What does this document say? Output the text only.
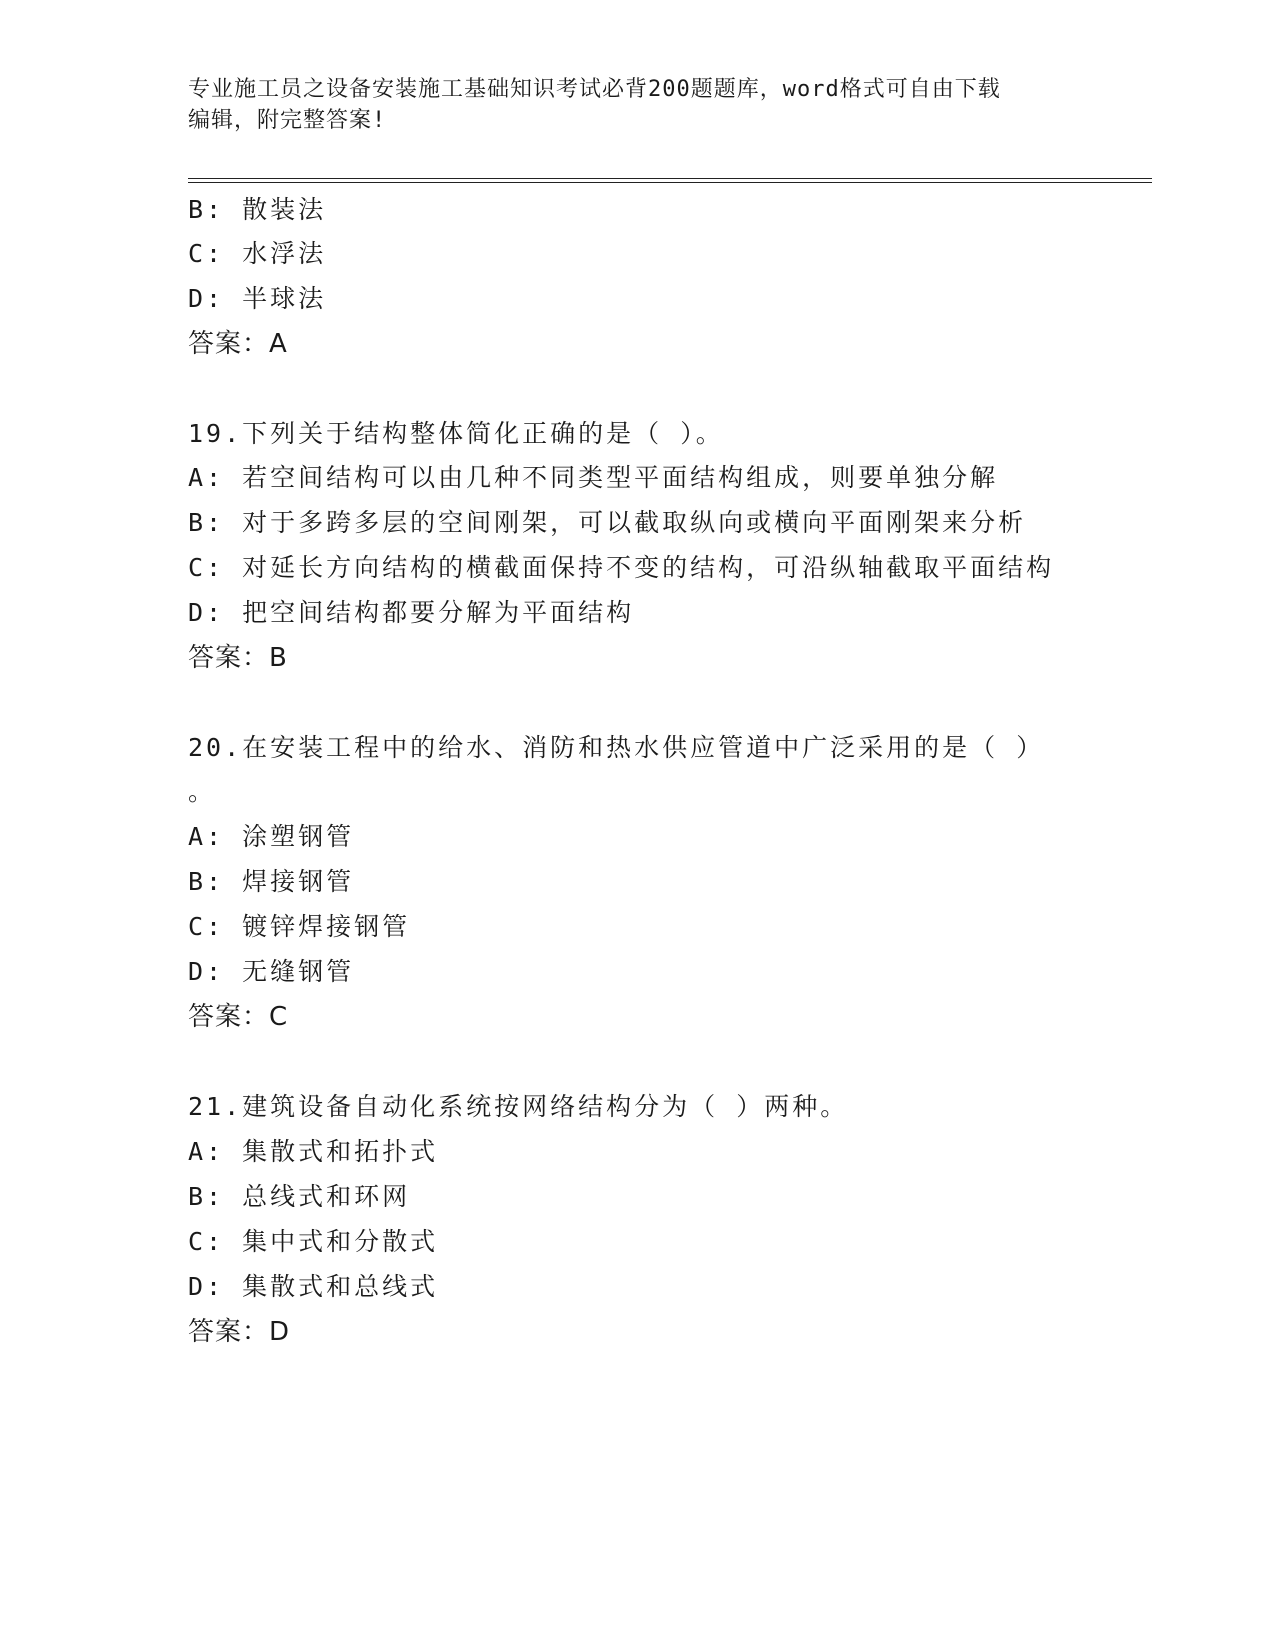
专业施工员之设备安装施工基础知识考试必背200题题库，word格式可自由下载
编辑，附完整答案!
B: 散装法
C: 水浮法
D: 半球法
答案：A
19.下列关于结构整体简化正确的是（ ）。
A: 若空间结构可以由几种不同类型平面结构组成，则要单独分解
B: 对于多跨多层的空间刚架，可以截取纵向或横向平面刚架来分析
C: 对延长方向结构的横截面保持不变的结构，可沿纵轴截取平面结构
D: 把空间结构都要分解为平面结构
答案：B
20.在安装工程中的给水、消防和热水供应管道中广泛采用的是（ ）
。
A: 涂塑钢管
B: 焊接钢管
C: 镀锌焊接钢管
D: 无缝钢管
答案：C
21.建筑设备自动化系统按网络结构分为（ ）两种。
A: 集散式和拓扑式
B: 总线式和环网
C: 集中式和分散式
D: 集散式和总线式
答案：D
